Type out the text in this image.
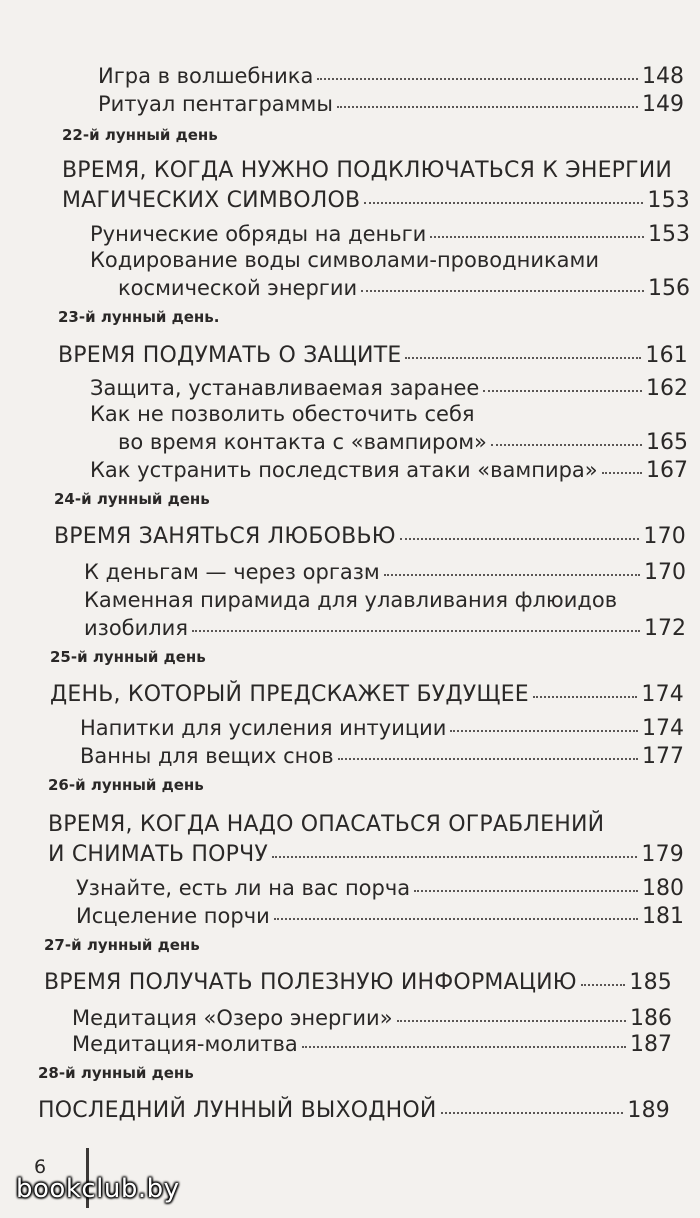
Игра в волшебника	148
Ритуал пентаграммы	149
22-й лунный день
ВРЕМЯ, КОГДА НУЖНО ПОДКЛЮЧАТЬСЯ К ЭНЕРГИИ
МАГИЧЕСКИХ СИМВОЛОВ	153
Рунические обряды на деньги	153
Кодирование воды символами-проводниками
космической энергии	156
23-й лунный день.
ВРЕМЯ ПОДУМАТЬ О ЗАЩИТЕ	161
Защита, устанавливаемая заранее	162
Как не позволить обесточить себя
во время контакта с «вампиром»	165
Как устранить последствия атаки «вампира» 167
24-й лунный день
ВРЕМЯ ЗАНЯТЬСЯ ЛЮБОВЬЮ	170
К деньгам — через оргазм	170
Каменная пирамида для улавливания флюидов
изобилия	172
25-й лунный день
ДЕНЬ, КОТОРЫЙ ПРЕДСКАЖЕТ БУДУЩЕЕ	174
Напитки для усиления интуиции	174
Ванны для вещих снов	177
26-й лунный день
ВРЕМЯ, КОГДА НАДО ОПАСАТЬСЯ ОГРАБЛЕНИЙ
И СНИМАТЬ ПОРЧУ	179
Узнайте, есть ли на вас порча	180
Исцеление порчи	181
27-й лунный день
ВРЕМЯ ПОЛУЧАТЬ ПОЛЕЗНУЮ ИНФОРМАЦИЮ 185
Медитация «Озеро энергии»	186
Медитация-молитва	187
28-й лунный день
ПОСЛЕДНИЙ ЛУННЫЙ ВЫХОДНОЙ	189
6
bookclub.by
